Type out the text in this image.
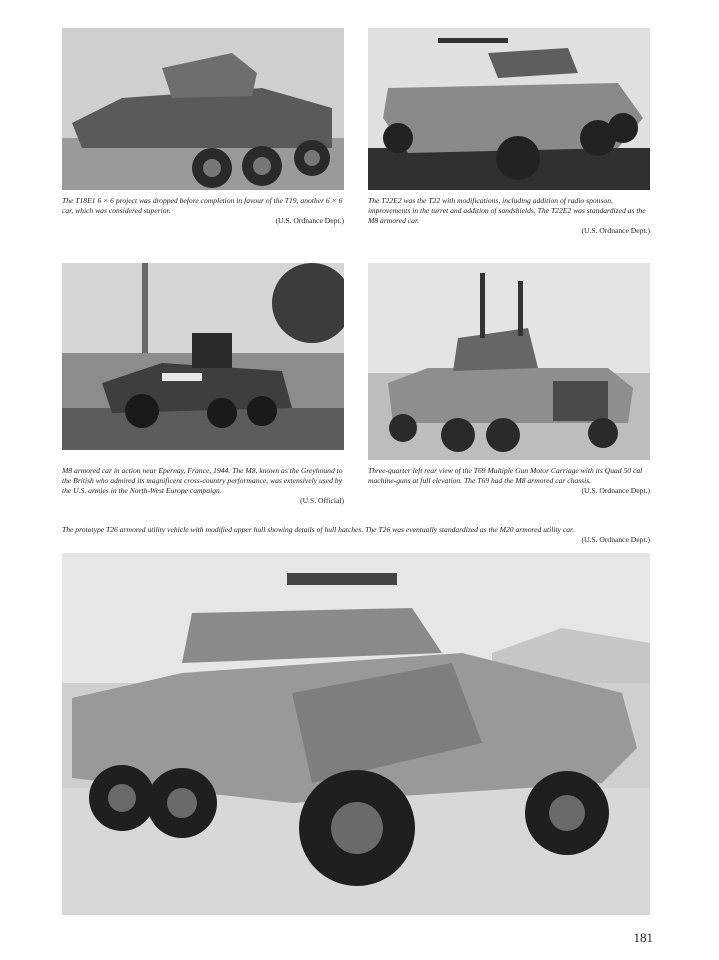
The T18E1 6 × 6 project was dropped before completion in favour of the T19, another 6 × 6 car, which was considered superior.
(U.S. Ordnance Dept.)
The T22E2 was the T22 with modifications, including addition of radio sponson, improvements in the turret and addition of sandshields. The T22E2 was standardized as the M8 armored car.
(U.S. Ordnance Dept.)
M8 armored car in action near Epernay, France, 1944. The M8, known as the Greyhound to the British who admired its magnificent cross-country performance, was extensively used by the U.S. armies in the North-West Europe campaign.
(U.S. Official)
Three-quarter left rear view of the T69 Multiple Gun Motor Carriage with its Quad 50 cal machine-guns at full elevation. The T69 had the M8 armored car chassis.
(U.S. Ordnance Dept.)
The prototype T26 armored utility vehicle with modified upper hull showing details of hull hatches. The T26 was eventually standardized as the M20 armored utility car.
(U.S. Ordnance Dept.)
181
